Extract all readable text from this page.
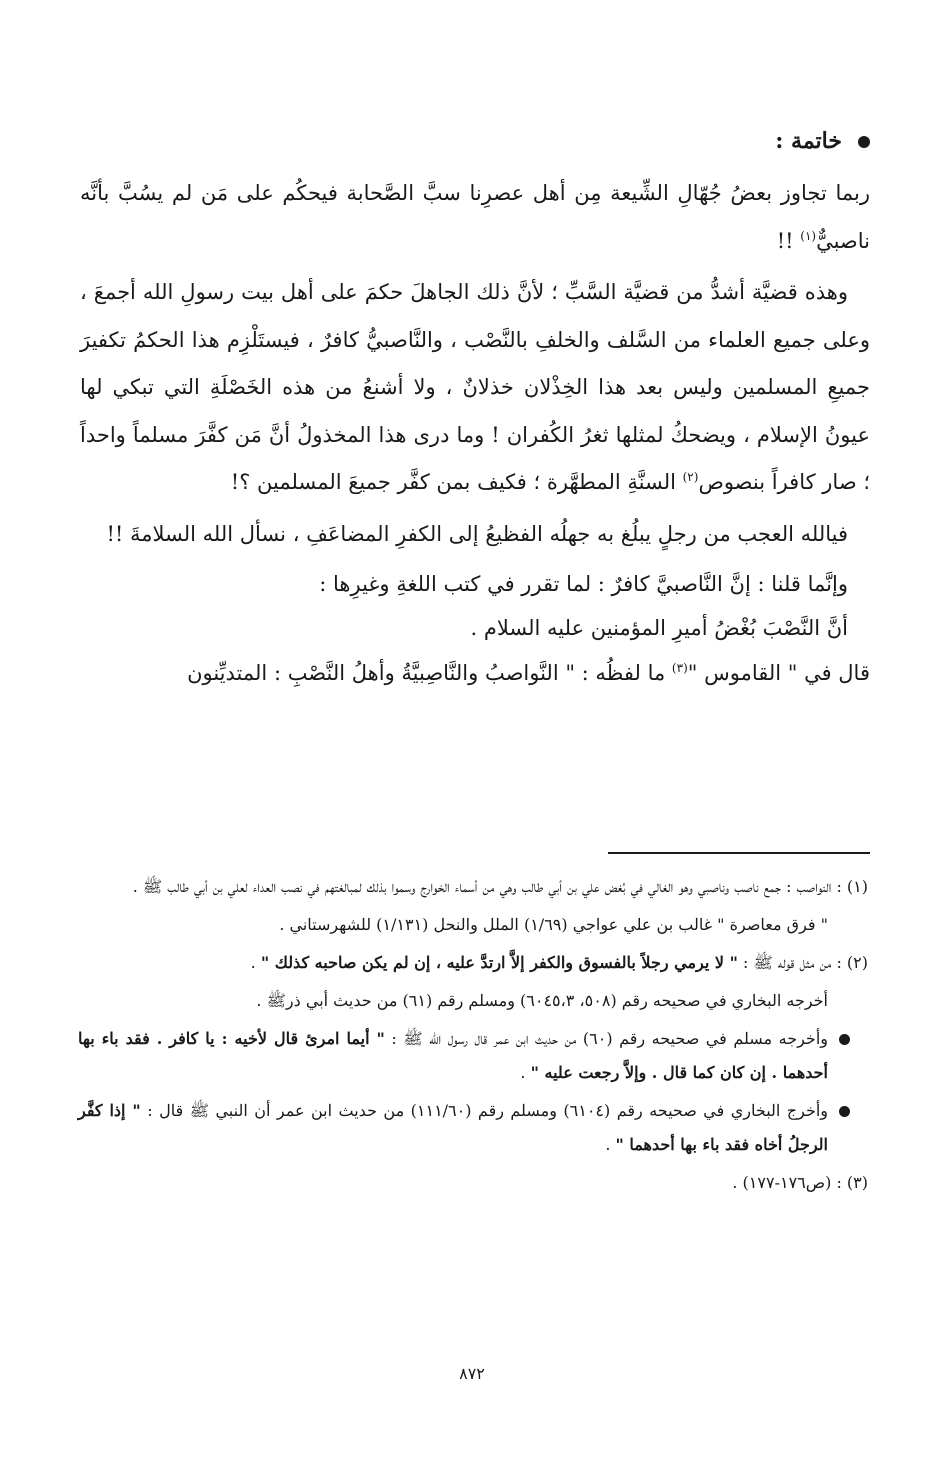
خاتمة :

ربما تجاوز بعضُ جُهّالِ الشِّيعة مِن أهل عصرِنا سبَّ الصَّحابة فيحكُم على مَن لم يسُبَّ بأنَّه ناصبيٌّ$^{(١)}$ !!

وهذه قضيَّة أشدُّ من قضيَّة السَّبِّ ؛ لأنَّ ذلك الجاهلَ حكمَ على أهل بيت رسولِ الله أجمعَ ، وعلى جميع العلماء من السَّلف والخلفِ بالنَّصْب ، والنَّاصبيُّ كافرٌ ، فيستَلْزِم هذا الحكمُ تكفيرَ جميعِ المسلمين وليس بعد هذا الخِذْلان خذلانٌ ، ولا أشنعُ من هذه الخَصْلَةِ التي تبكي لها عيونُ الإسلام ، ويضحكُ لمثلها ثغرُ الكُفران ! وما درى هذا المخذولُ أنَّ مَن كفَّرَ مسلماً واحداً ؛ صار كافراً بنصوص$^{(٢)}$ السنَّةِ المطهَّرة ؛ فكيف بمن كفَّر جميعَ المسلمين ؟!

فيالله العجب من رجلٍ يبلُغ به جهلُه الفظيعُ إلى الكفرِ المضاعَفِ ، نسأل الله السلامةَ !!

وإنَّما قلنا : إنَّ النَّاصبيَّ كافرٌ : لما تقرر في كتب اللغةِ وغيرِها :

أنَّ النَّصْبَ بُغْضُ أميرِ المؤمنين عليه السلام .

قال في " القاموس "$^{(٣)}$ ما لفظُه : " النَّواصبُ والنَّاصِبيَّةُ وأهلُ النَّصْبِ : المتديِّنون

(١) : النواصب : جمع ناصب وناصبي وهو الغالي في بُغض علي بن أبي طالب وهي من أسماء الخوارج وسموا بذلك لمبالغتهم في نصب العداء لعلي بن أبي طالب ﷺ .

" فرق معاصرة " غالب بن علي عواجي (١/٦٩) الملل والنحل (١/١٣١) للشهرستاني .

(٢) : من مثل قوله ﷺ : " لا يرمي رجلاً بالفسوق والكفر إلاَّ ارتدَّ عليه ، إن لم يكن صاحبه كذلك " .

أخرجه البخاري في صحيحه رقم (٥٠٨، ٦٠٤٥،٣) ومسلم رقم (٦١) من حديث أبي ذرﷺ .

وأخرجه مسلم في صحيحه رقم (٦٠) من حديث ابن عمر قال رسول الله ﷺ : " أيما امرئ قال لأخيه : يا كافر . فقد باء بها أحدهما . إن كان كما قال . وإلاَّ رجعت عليه " .
وأخرج البخاري في صحيحه رقم (٦١٠٤) ومسلم رقم (١١١/٦٠) من حديث ابن عمر أن النبي ﷺ قال : " إذا كفَّر الرجلُ أخاه فقد باء بها أحدهما " .

(٣) : (ص١٧٦-١٧٧) .

٨٧٢
